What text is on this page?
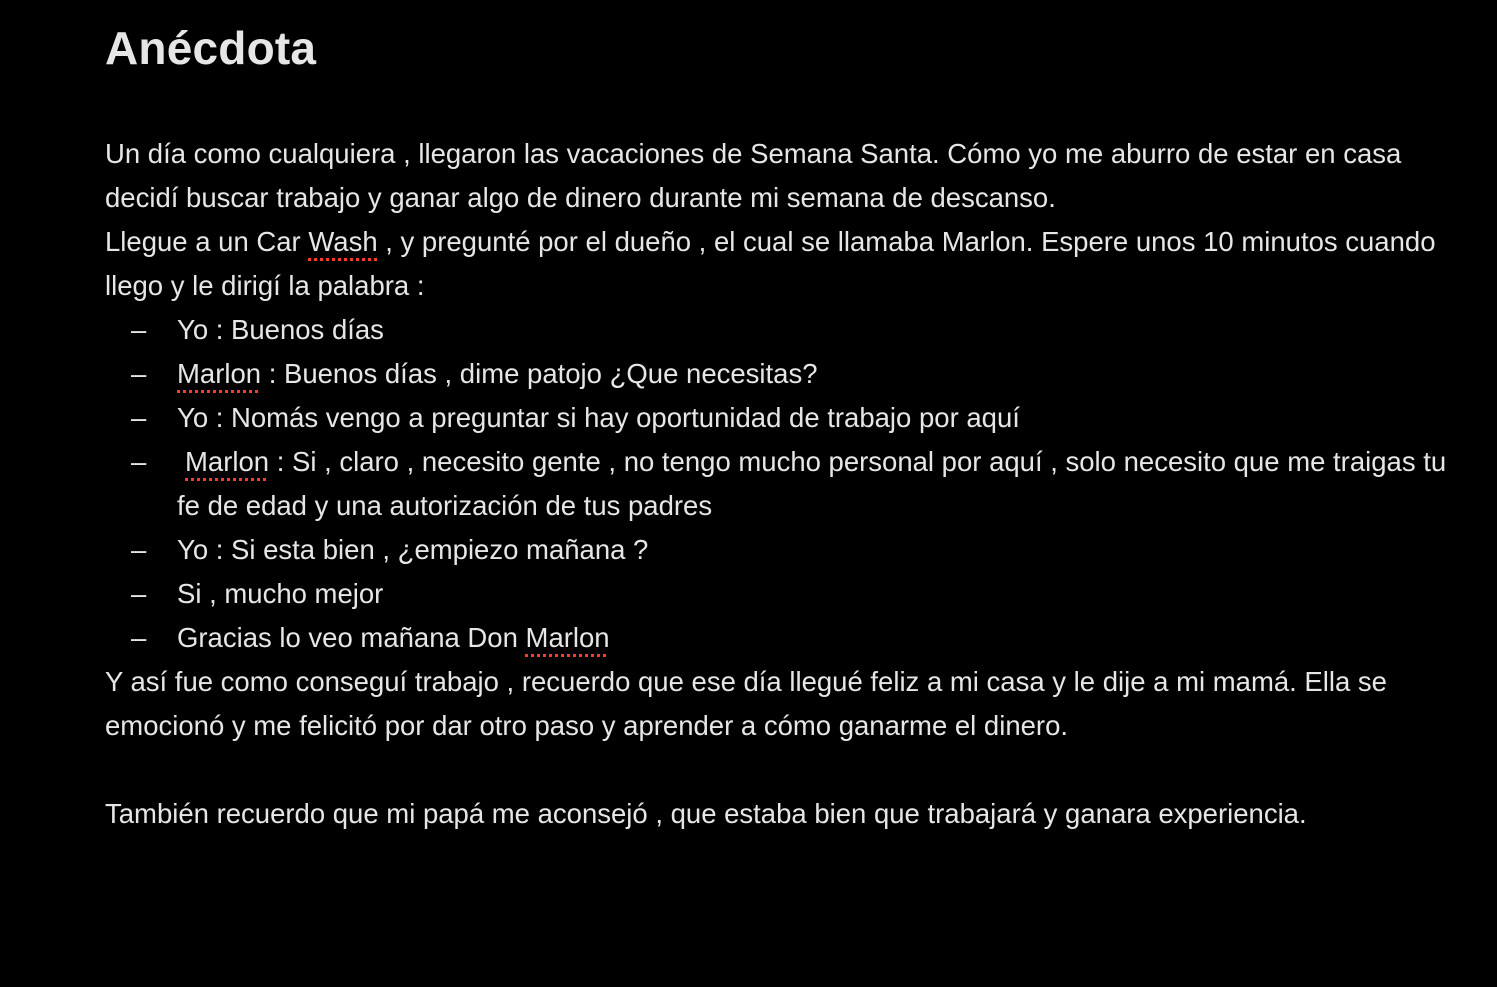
Anécdota

Un día como cualquiera , llegaron las vacaciones de Semana Santa. Cómo yo me aburro de estar en casa decidí buscar trabajo y ganar algo de dinero durante mi semana de descanso.

Llegue a un Car Wash , y pregunté por el dueño , el cual se llamaba Marlon. Espere unos 10 minutos cuando llego y le dirigí la palabra :

– Yo : Buenos días
– Marlon : Buenos días , dime patojo ¿Que necesitas?
– Yo : Nomás vengo a preguntar si hay oportunidad de trabajo por aquí
– Marlon : Si , claro , necesito gente , no tengo mucho personal por aquí , solo necesito que me traigas tu fe de edad y una autorización de tus padres
– Yo : Si esta bien , ¿empiezo mañana ?
– Si , mucho mejor
– Gracias lo veo mañana Don Marlon

Y así fue como conseguí trabajo , recuerdo que ese día llegué feliz a mi casa y le dije a mi mamá. Ella se emocionó y me felicitó por dar otro paso y aprender a cómo ganarme el dinero.

También recuerdo que mi papá me aconsejó , que estaba bien que trabajará y ganara experiencia.
